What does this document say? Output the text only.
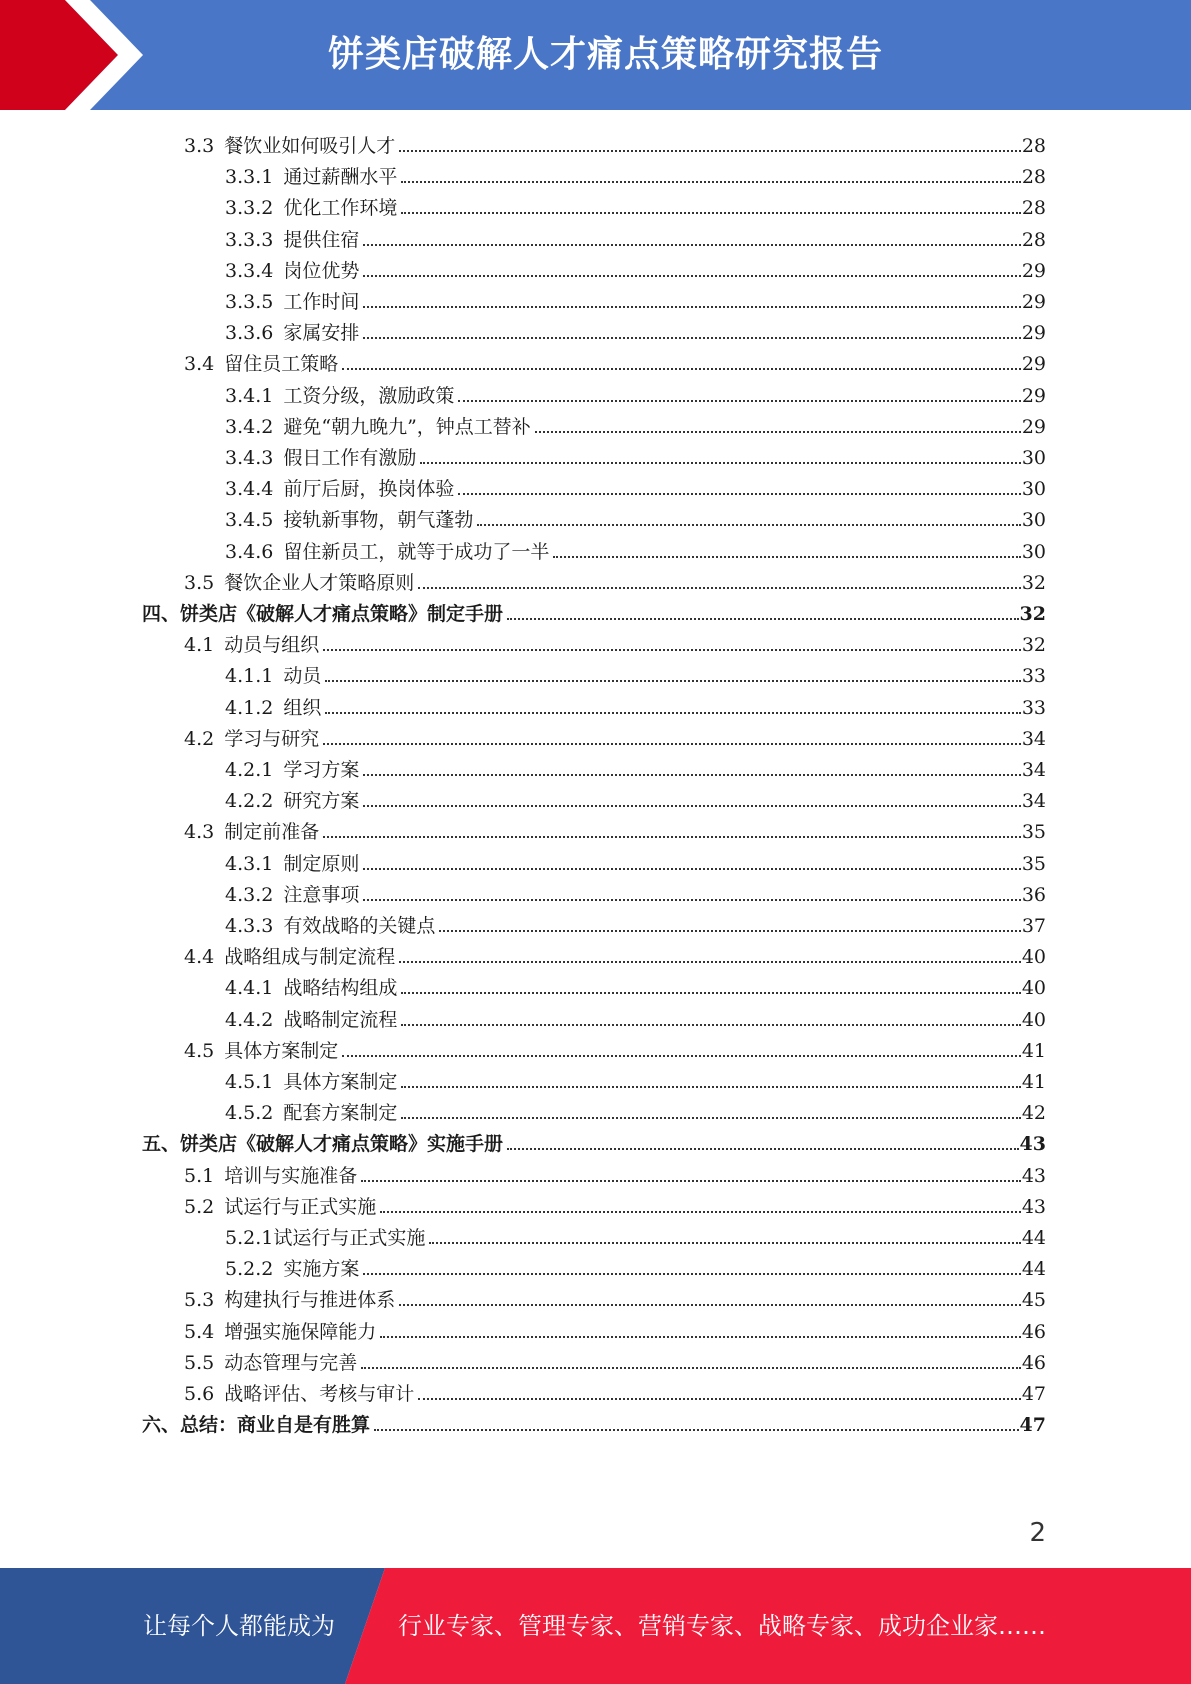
饼类店破解人才痛点策略研究报告
3.3 餐饮业如何吸引人才	28
3.3.1 通过薪酬水平	28
3.3.2 优化工作环境	28
3.3.3 提供住宿	28
3.3.4 岗位优势	29
3.3.5 工作时间	29
3.3.6 家属安排	29
3.4 留住员工策略	29
3.4.1 工资分级，激励政策	29
3.4.2 避免“朝九晚九”，钟点工替补	29
3.4.3 假日工作有激励	30
3.4.4 前厅后厨，换岗体验	30
3.4.5 接轨新事物，朝气蓬勃	30
3.4.6 留住新员工，就等于成功了一半	30
3.5 餐饮企业人才策略原则	32
四、饼类店《破解人才痛点策略》制定手册	32
4.1 动员与组织	32
4.1.1 动员	33
4.1.2 组织	33
4.2 学习与研究	34
4.2.1 学习方案	34
4.2.2 研究方案	34
4.3 制定前准备	35
4.3.1 制定原则	35
4.3.2 注意事项	36
4.3.3 有效战略的关键点	37
4.4 战略组成与制定流程	40
4.4.1 战略结构组成	40
4.4.2 战略制定流程	40
4.5 具体方案制定	41
4.5.1 具体方案制定	41
4.5.2 配套方案制定	42
五、饼类店《破解人才痛点策略》实施手册	43
5.1 培训与实施准备	43
5.2 试运行与正式实施	43
5.2.1试运行与正式实施	44
5.2.2 实施方案	44
5.3 构建执行与推进体系	45
5.4 增强实施保障能力	46
5.5 动态管理与完善	46
5.6 战略评估、考核与审计	47
六、总结：商业自是有胜算	47
2
让每个人都能成为	行业专家、管理专家、营销专家、战略专家、成功企业家……
